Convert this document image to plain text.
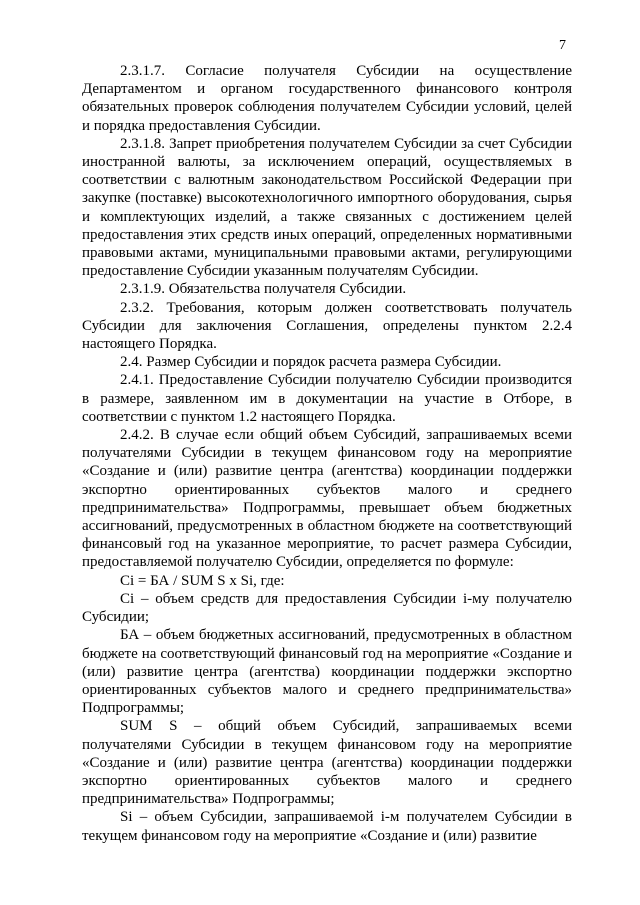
7

2.3.1.7. Согласие получателя Субсидии на осуществление Департаментом и органом государственного финансового контроля обязательных проверок соблюдения получателем Субсидии условий, целей и порядка предоставления Субсидии.

2.3.1.8. Запрет приобретения получателем Субсидии за счет Субсидии иностранной валюты, за исключением операций, осуществляемых в соответствии с валютным законодательством Российской Федерации при закупке (поставке) высокотехнологичного импортного оборудования, сырья и комплектующих изделий, а также связанных с достижением целей предоставления этих средств иных операций, определенных нормативными правовыми актами, муниципальными правовыми актами, регулирующими предоставление Субсидии указанным получателям Субсидии.

2.3.1.9. Обязательства получателя Субсидии.

2.3.2. Требования, которым должен соответствовать получатель Субсидии для заключения Соглашения, определены пунктом 2.2.4 настоящего Порядка.

2.4. Размер Субсидии и порядок расчета размера Субсидии.

2.4.1. Предоставление Субсидии получателю Субсидии производится в размере, заявленном им в документации на участие в Отборе, в соответствии с пунктом 1.2 настоящего Порядка.

2.4.2. В случае если общий объем Субсидий, запрашиваемых всеми получателями Субсидии в текущем финансовом году на мероприятие «Создание и (или) развитие центра (агентства) координации поддержки экспортно ориентированных субъектов малого и среднего предпринимательства» Подпрограммы, превышает объем бюджетных ассигнований, предусмотренных в областном бюджете на соответствующий финансовый год на указанное мероприятие, то расчет размера Субсидии, предоставляемой получателю Субсидии, определяется по формуле:

Ci = БА / SUM S x Si, где:

Ci – объем средств для предоставления Субсидии i-му получателю Субсидии;

БА – объем бюджетных ассигнований, предусмотренных в областном бюджете на соответствующий финансовый год на мероприятие «Создание и (или) развитие центра (агентства) координации поддержки экспортно ориентированных субъектов малого и среднего предпринимательства» Подпрограммы;

SUM S – общий объем Субсидий, запрашиваемых всеми получателями Субсидии в текущем финансовом году на мероприятие «Создание и (или) развитие центра (агентства) координации поддержки экспортно ориентированных субъектов малого и среднего предпринимательства» Подпрограммы;

Si – объем Субсидии, запрашиваемой i-м получателем Субсидии в текущем финансовом году на мероприятие «Создание и (или) развитие
